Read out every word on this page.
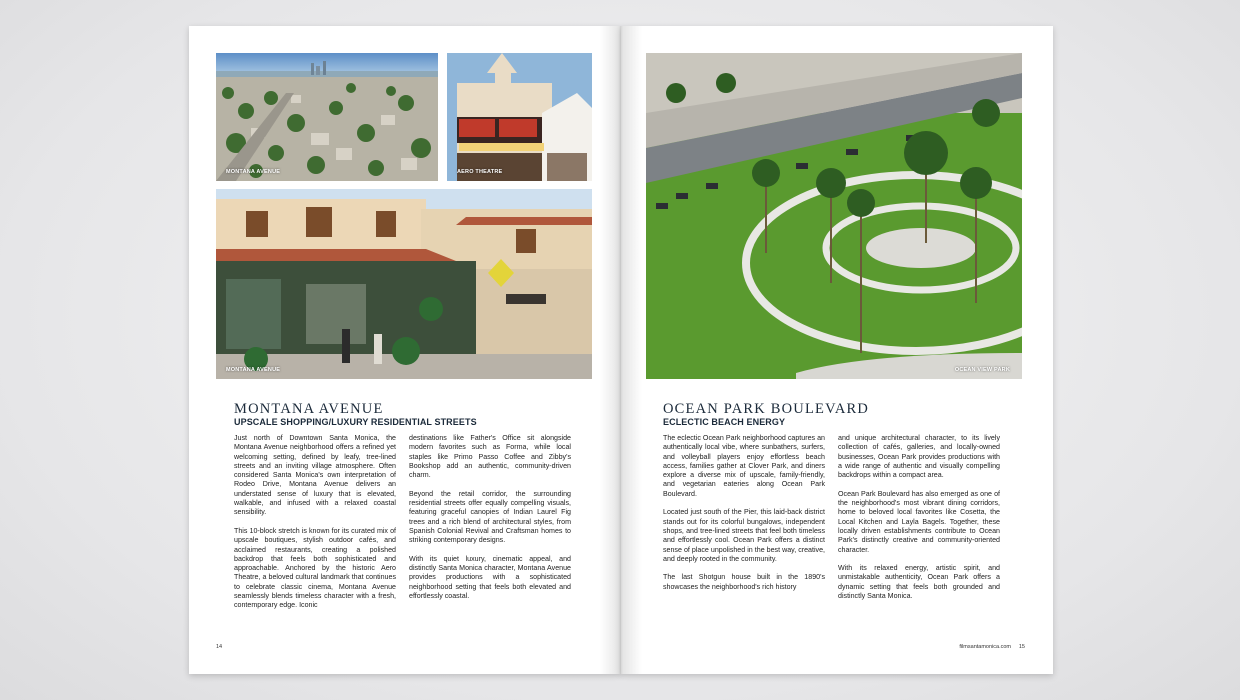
MONTANA AVENUE	AERO THEATRE
MONTANA AVENUE
MONTANA AVENUE
UPSCALE SHOPPING/LUXURY RESIDENTIAL STREETS

Just north of Downtown Santa Monica, the Montana Avenue neighborhood offers a refined yet welcoming setting, defined by leafy, tree-lined streets and an inviting village atmosphere. Often considered Santa Monica's own interpretation of Rodeo Drive, Montana Avenue delivers an understated sense of luxury that is elevated, walkable, and infused with a relaxed coastal sensibility.

This 10-block stretch is known for its curated mix of upscale boutiques, stylish outdoor cafés, and acclaimed restaurants, creating a polished backdrop that feels both sophisticated and approachable. Anchored by the historic Aero Theatre, a beloved cultural landmark that continues to celebrate classic cinema, Montana Avenue seamlessly blends timeless character with a fresh, contemporary edge. Iconic

destinations like Father's Office sit alongside modern favorites such as Forma, while local staples like Primo Passo Coffee and Zibby's Bookshop add an authentic, community-driven charm.

Beyond the retail corridor, the surrounding residential streets offer equally compelling visuals, featuring graceful canopies of Indian Laurel Fig trees and a rich blend of architectural styles, from Spanish Colonial Revival and Craftsman homes to striking contemporary designs.

With its quiet luxury, cinematic appeal, and distinctly Santa Monica character, Montana Avenue provides productions with a sophisticated neighborhood setting that feels both elevated and effortlessly coastal.

14
OCEAN VIEW PARK
OCEAN PARK BOULEVARD
ECLECTIC BEACH ENERGY

The eclectic Ocean Park neighborhood captures an authentically local vibe, where sunbathers, surfers, and volleyball players enjoy effortless beach access, families gather at Clover Park, and diners explore a diverse mix of upscale, family-friendly, and vegetarian eateries along Ocean Park Boulevard.

Located just south of the Pier, this laid-back district stands out for its colorful bungalows, independent shops, and tree-lined streets that feel both timeless and effortlessly cool. Ocean Park offers a distinct sense of place unpolished in the best way, creative, and deeply rooted in the community.

The last Shotgun house built in the 1890's showcases the neighborhood's rich history

and unique architectural character, to its lively collection of cafés, galleries, and locally-owned businesses, Ocean Park provides productions with a wide range of authentic and visually compelling backdrops within a compact area.

Ocean Park Boulevard has also emerged as one of the neighborhood's most vibrant dining corridors, home to beloved local favorites like Cosetta, the Local Kitchen and Layla Bagels. Together, these locally driven establishments contribute to Ocean Park's distinctly creative and community-oriented character.

With its relaxed energy, artistic spirit, and unmistakable authenticity, Ocean Park offers a dynamic setting that feels both grounded and distinctly Santa Monica.

filmsantamonica.com 15
